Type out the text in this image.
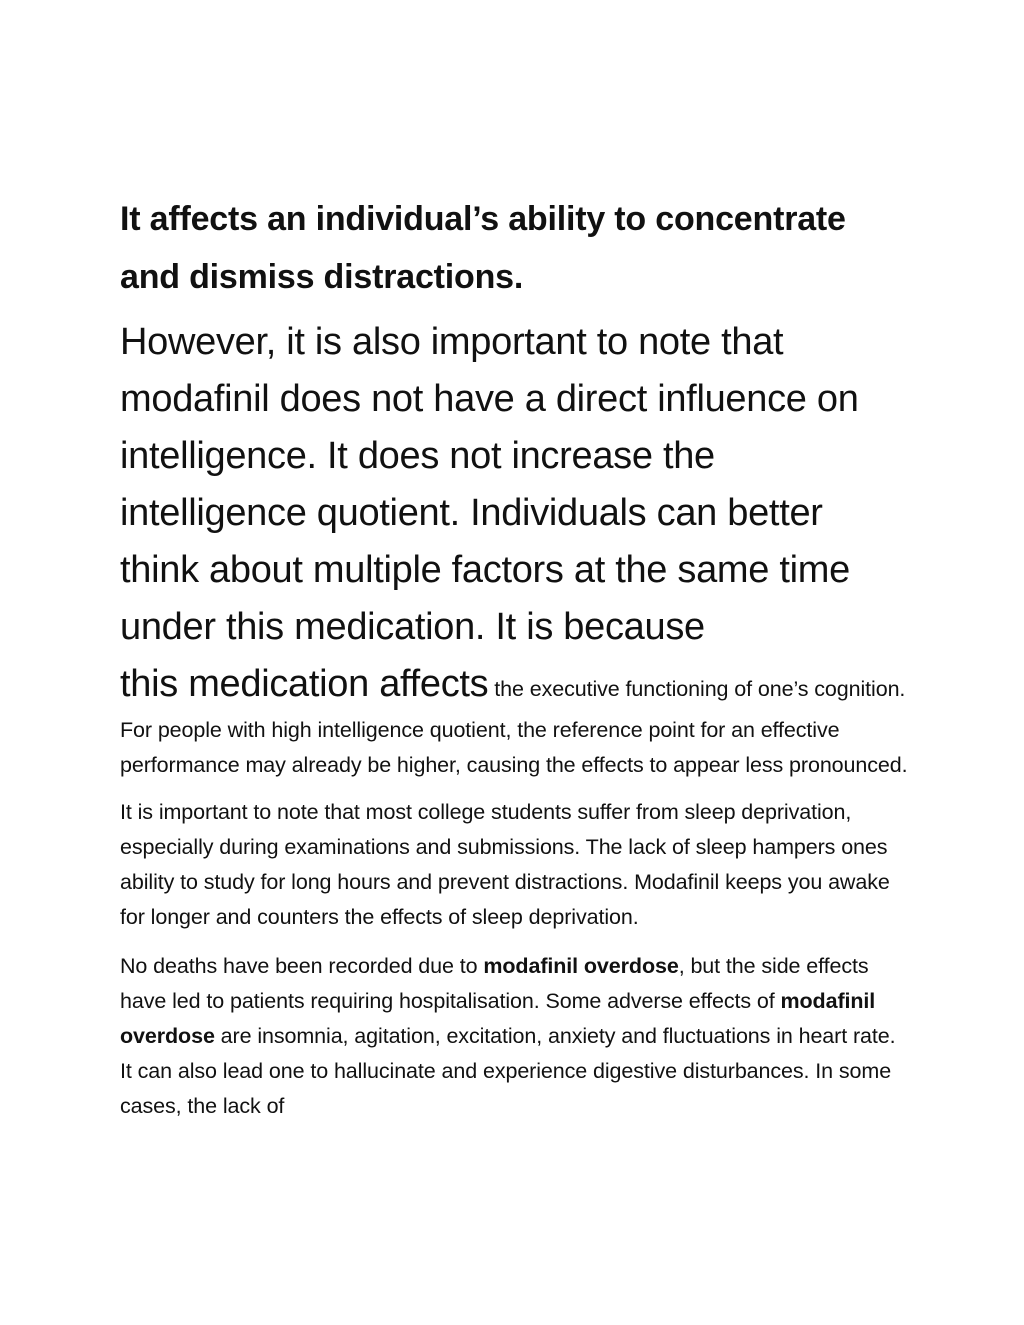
It affects an individual’s ability to concentrate and dismiss distractions.

However, it is also important to note that modafinil does not have a direct influence on intelligence. It does not increase the intelligence quotient. Individuals can better think about multiple factors at the same time under this medication. It is because

this medication affects the executive functioning of one’s cognition. For people with high intelligence quotient, the reference point for an effective performance may already be higher, causing the effects to appear less pronounced.

It is important to note that most college students suffer from sleep deprivation, especially during examinations and submissions. The lack of sleep hampers ones ability to study for long hours and prevent distractions. Modafinil keeps you awake for longer and counters the effects of sleep deprivation.

No deaths have been recorded due to modafinil overdose, but the side effects have led to patients requiring hospitalisation. Some adverse effects of modafinil overdose are insomnia, agitation, excitation, anxiety and fluctuations in heart rate. It can also lead one to hallucinate and experience digestive disturbances. In some cases, the lack of
